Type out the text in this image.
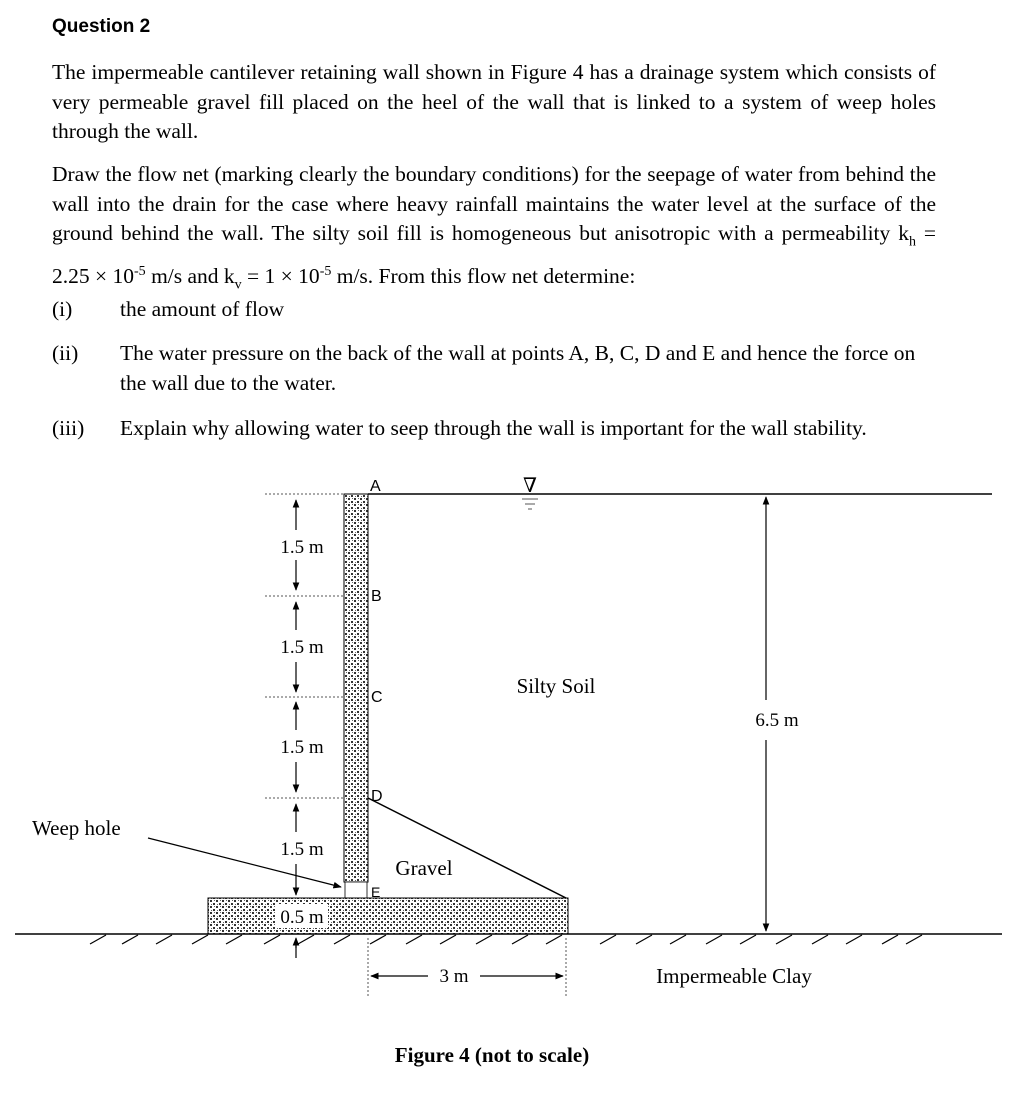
Question 2

The impermeable cantilever retaining wall shown in Figure 4 has a drainage system which consists of very permeable gravel fill placed on the heel of the wall that is linked to a system of weep holes through the wall.

Draw the flow net (marking clearly the boundary conditions) for the seepage of water from behind the wall into the drain for the case where heavy rainfall maintains the water level at the surface of the ground behind the wall. The silty soil fill is homogeneous but anisotropic with a permeability $k_h = 2.25 \times 10^{-5}$ m/s and $k_v = 1 \times 10^{-5}$ m/s. From this flow net determine:

(i) the amount of flow
(ii) The water pressure on the back of the wall at points A, B, C, D and E and hence the force on the wall due to the water.
(iii) Explain why allowing water to seep through the wall is important for the wall stability.
∇
A
B
C
D
E
1.5 m
1.5 m
1.5 m
1.5 m
0.5 m
3 m
6.5 m
Weep hole
Silty Soil
Gravel
Impermeable Clay
Figure 4 (not to scale)
